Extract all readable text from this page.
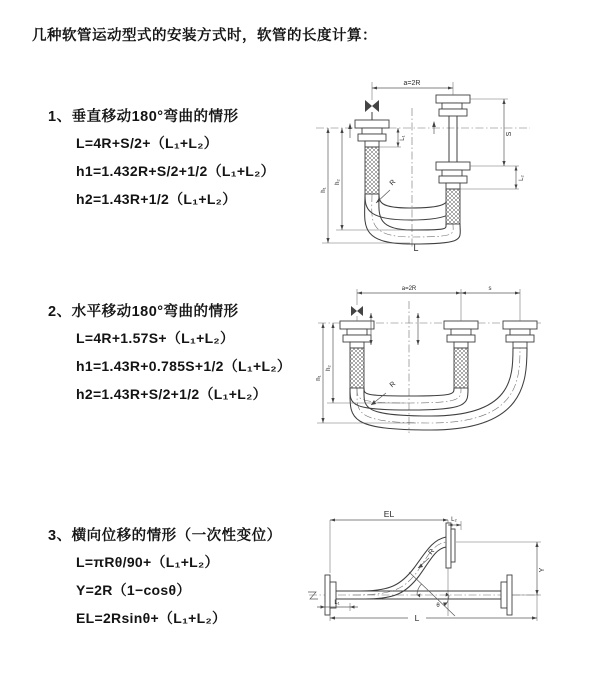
几种软管运动型式的安装方式时，软管的长度计算：
1、垂直移动180°弯曲的情形
L=4R+S/2+（L₁+L₂）
h1=1.432R+S/2+1/2（L₁+L₂）
h2=1.43R+1/2（L₁+L₂）
2、水平移动180°弯曲的情形
L=4R+1.57S+（L₁+L₂）
h1=1.43R+0.785S+1/2（L₁+L₂）
h2=1.43R+S/2+1/2（L₁+L₂）
3、横向位移的情形（一次性变位）
L=πRθ/90+（L₁+L₂）
Y=2R（1−cosθ）
EL=2Rsinθ+（L₁+L₂）
a=2R
S
L₁
L₂
h₁
h₂	R
L
a=2R	s
h₁
h₂
R
EL
L₂
Y
R
θ
L₁
L
